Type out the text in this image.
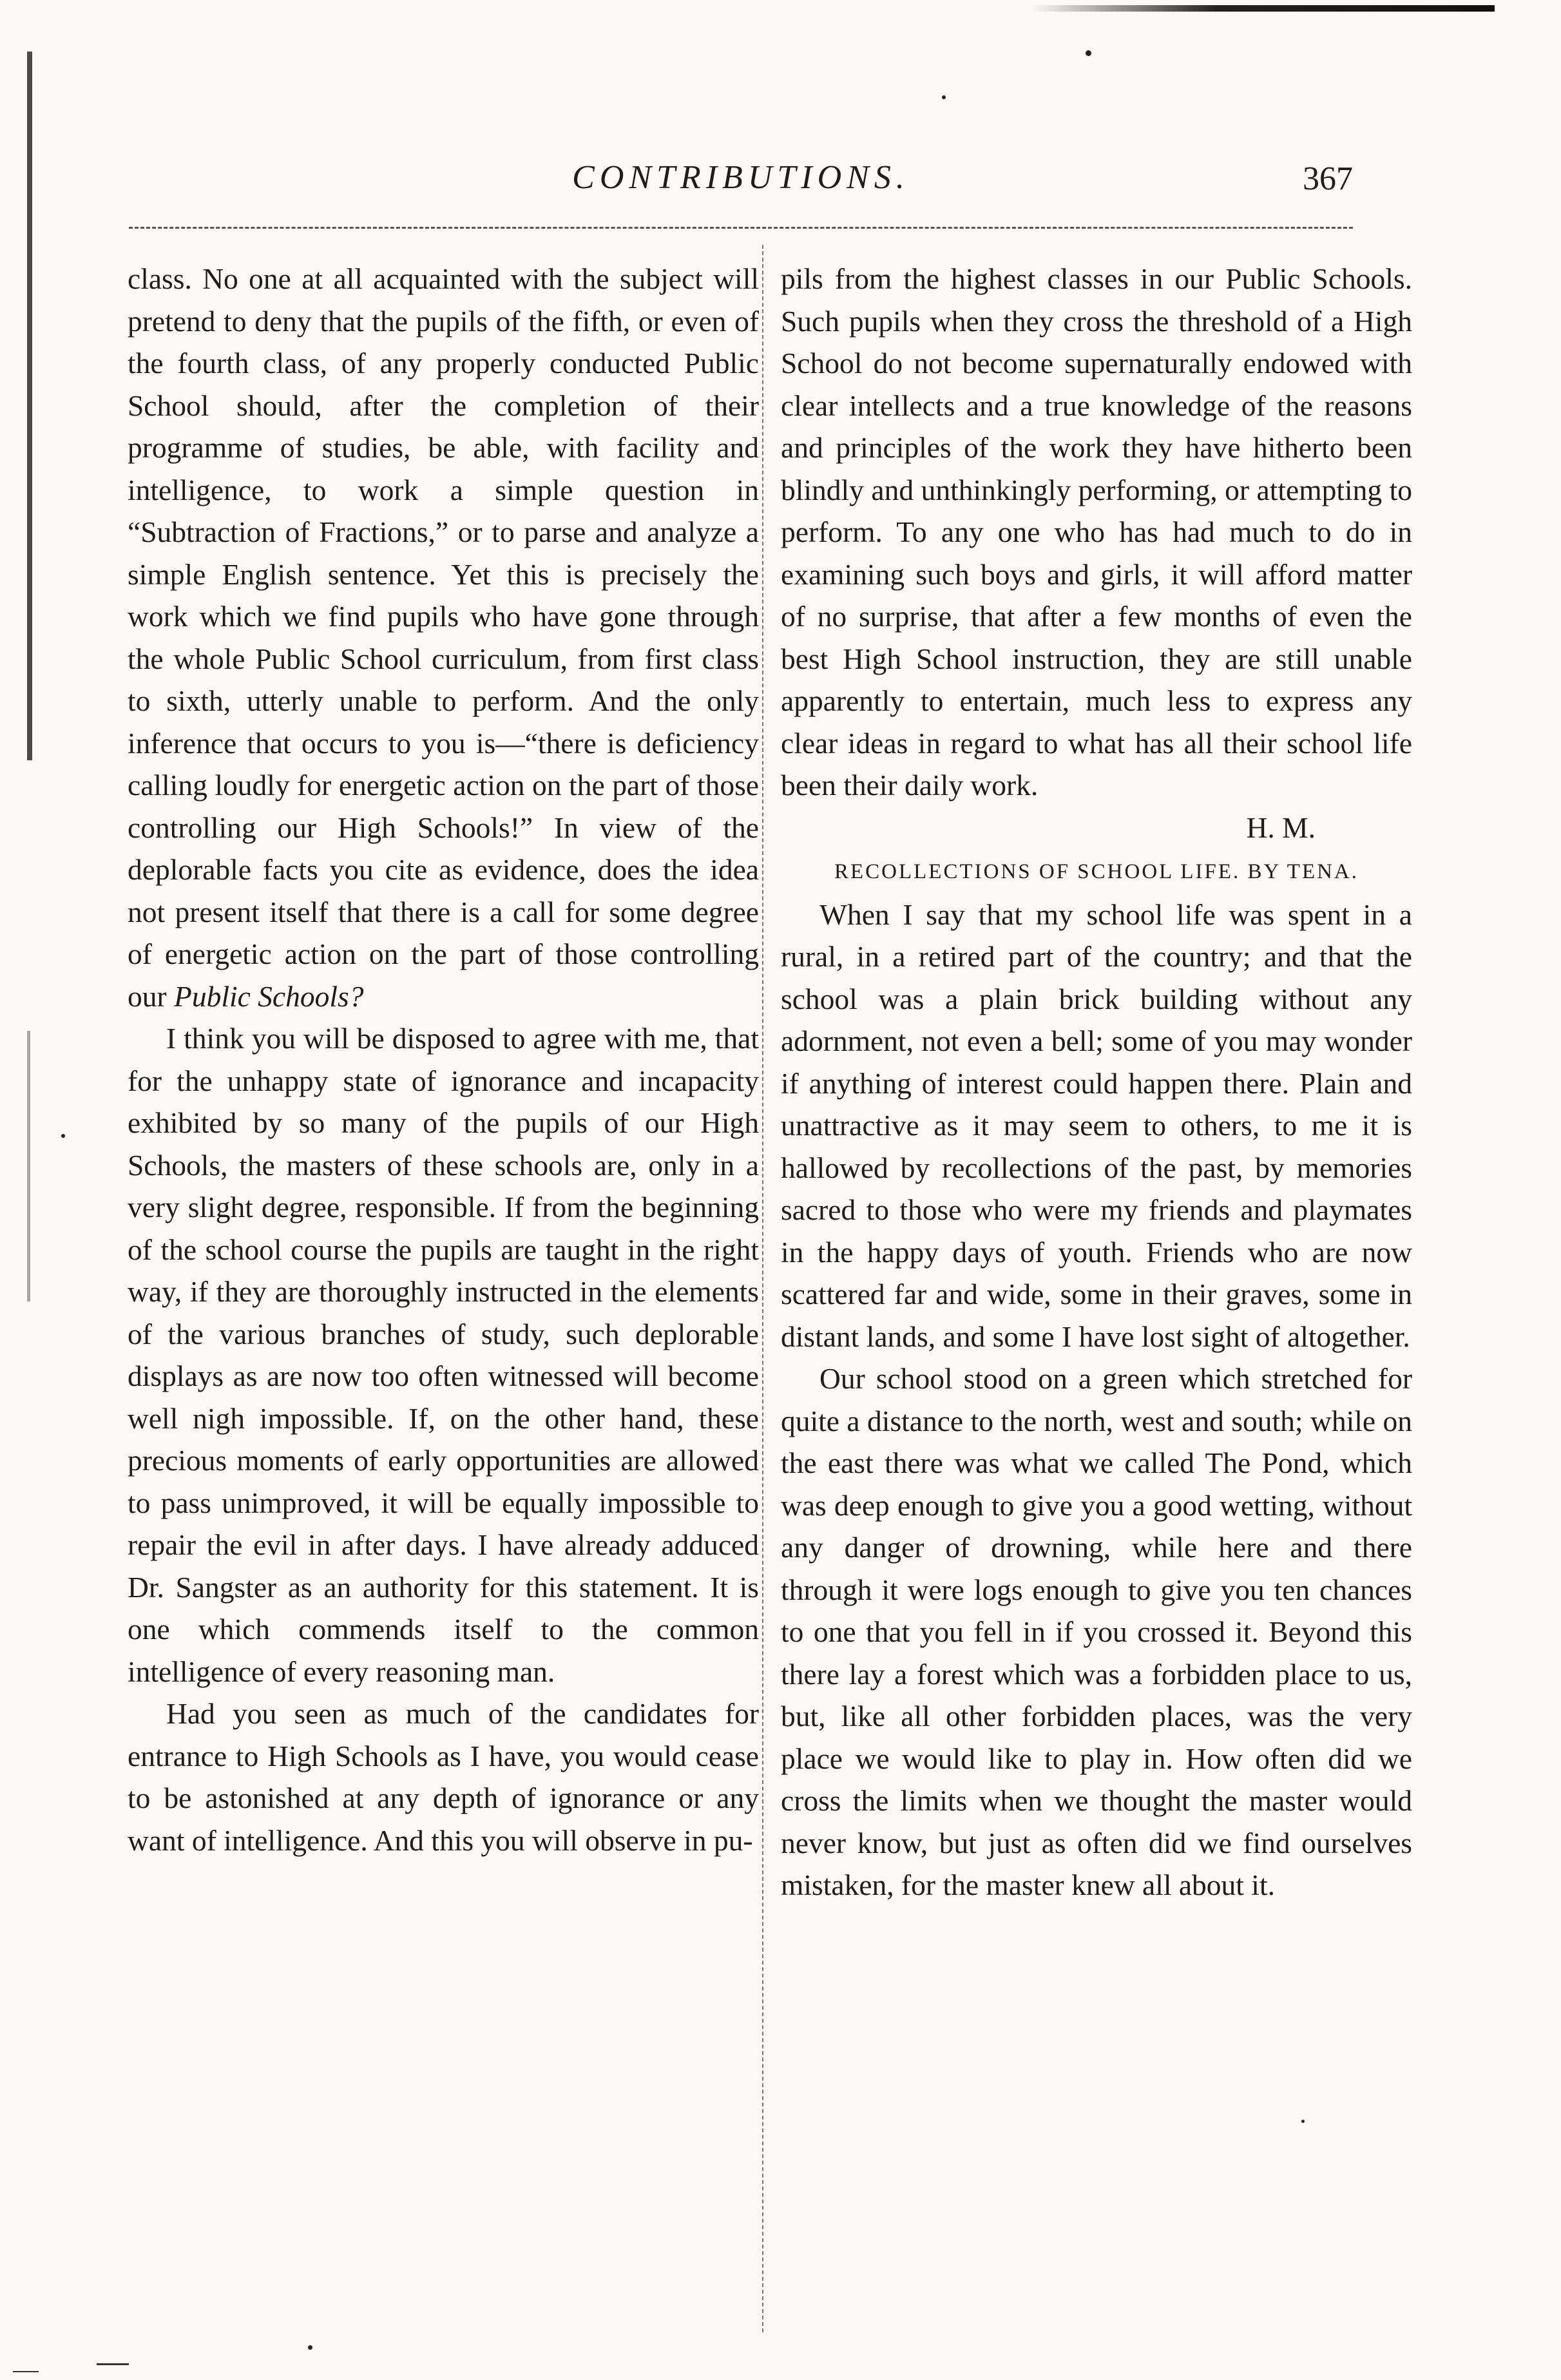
CONTRIBUTIONS.	367

class. No one at all acquainted with the subject will pretend to deny that the pupils of the fifth, or even of the fourth class, of any properly conducted Public School should, after the completion of their programme of studies, be able, with facility and intelligence, to work a simple question in “Subtraction of Fractions,” or to parse and analyze a simple English sentence. Yet this is precisely the work which we find pupils who have gone through the whole Public School curriculum, from first class to sixth, utterly unable to perform. And the only inference that occurs to you is—“there is deficiency calling loudly for energetic action on the part of those controlling our High Schools!” In view of the deplorable facts you cite as evidence, does the idea not present itself that there is a call for some degree of energetic action on the part of those controlling our Public Schools?

I think you will be disposed to agree with me, that for the unhappy state of ignorance and incapacity exhibited by so many of the pupils of our High Schools, the masters of these schools are, only in a very slight degree, responsible. If from the beginning of the school course the pupils are taught in the right way, if they are thoroughly instructed in the elements of the various branches of study, such deplorable displays as are now too often witnessed will become well nigh impossible. If, on the other hand, these precious moments of early opportunities are allowed to pass unimproved, it will be equally impossible to repair the evil in after days. I have already adduced Dr. Sangster as an authority for this statement. It is one which commends itself to the common intelligence of every reasoning man.

Had you seen as much of the candidates for entrance to High Schools as I have, you would cease to be astonished at any depth of ignorance or any want of intelligence. And this you will observe in pu-

pils from the highest classes in our Public Schools. Such pupils when they cross the threshold of a High School do not become supernaturally endowed with clear intellects and a true knowledge of the reasons and principles of the work they have hitherto been blindly and unthinkingly performing, or attempting to perform. To any one who has had much to do in examining such boys and girls, it will afford matter of no surprise, that after a few months of even the best High School instruction, they are still unable apparently to entertain, much less to express any clear ideas in regard to what has all their school life been their daily work.

H. M.

RECOLLECTIONS OF SCHOOL LIFE. BY TENA.

When I say that my school life was spent in a rural, in a retired part of the country; and that the school was a plain brick building without any adornment, not even a bell; some of you may wonder if anything of interest could happen there. Plain and unattractive as it may seem to others, to me it is hallowed by recollections of the past, by memories sacred to those who were my friends and playmates in the happy days of youth. Friends who are now scattered far and wide, some in their graves, some in distant lands, and some I have lost sight of altogether.

Our school stood on a green which stretched for quite a distance to the north, west and south; while on the east there was what we called The Pond, which was deep enough to give you a good wetting, without any danger of drowning, while here and there through it were logs enough to give you ten chances to one that you fell in if you crossed it. Beyond this there lay a forest which was a forbidden place to us, but, like all other forbidden places, was the very place we would like to play in. How often did we cross the limits when we thought the master would never know, but just as often did we find ourselves mistaken, for the master knew all about it.
